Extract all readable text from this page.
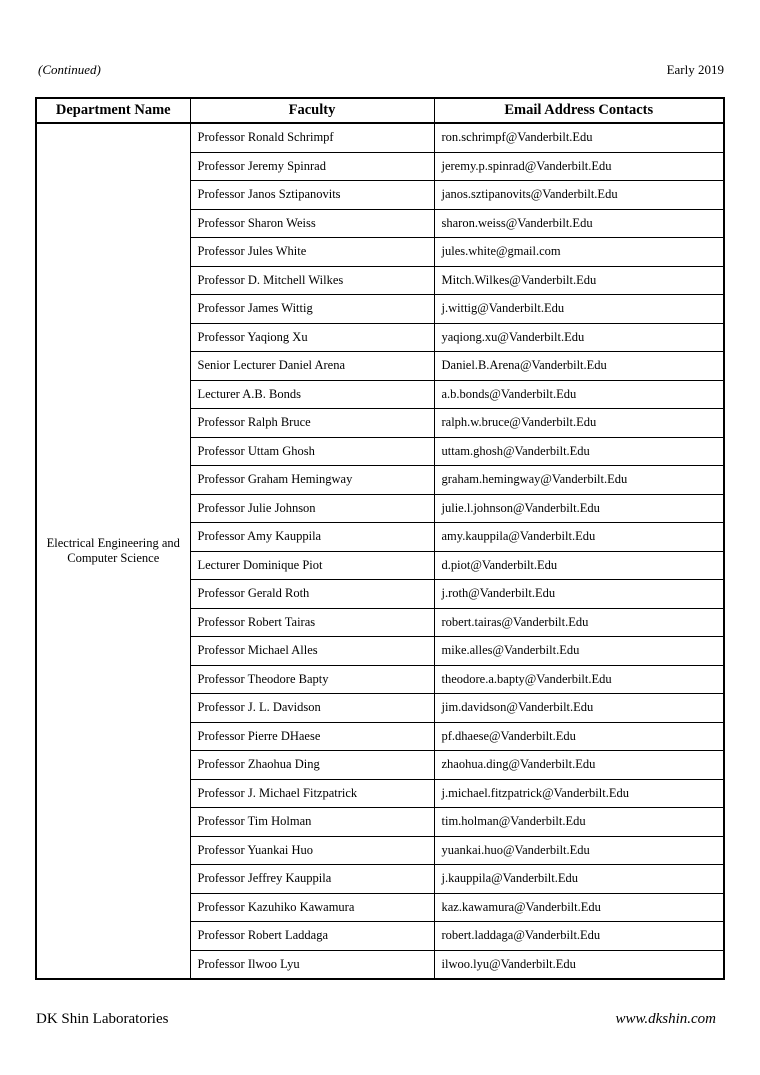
(Continued)	Early 2019
Department Name	Faculty	Email Address Contacts
Electrical Engineering and Computer Science	Professor Ronald Schrimpf	ron.schrimpf@Vanderbilt.Edu
	Professor Jeremy Spinrad	jeremy.p.spinrad@Vanderbilt.Edu
	Professor Janos Sztipanovits	janos.sztipanovits@Vanderbilt.Edu
	Professor Sharon Weiss	sharon.weiss@Vanderbilt.Edu
	Professor Jules White	jules.white@gmail.com
	Professor D. Mitchell Wilkes	Mitch.Wilkes@Vanderbilt.Edu
	Professor James Wittig	j.wittig@Vanderbilt.Edu
	Professor Yaqiong Xu	yaqiong.xu@Vanderbilt.Edu
	Senior Lecturer Daniel Arena	Daniel.B.Arena@Vanderbilt.Edu
	Lecturer A.B. Bonds	a.b.bonds@Vanderbilt.Edu
	Professor Ralph Bruce	ralph.w.bruce@Vanderbilt.Edu
	Professor Uttam Ghosh	uttam.ghosh@Vanderbilt.Edu
	Professor Graham Hemingway	graham.hemingway@Vanderbilt.Edu
	Professor Julie Johnson	julie.l.johnson@Vanderbilt.Edu
	Professor Amy Kauppila	amy.kauppila@Vanderbilt.Edu
	Lecturer Dominique Piot	d.piot@Vanderbilt.Edu
	Professor Gerald Roth	j.roth@Vanderbilt.Edu
	Professor Robert Tairas	robert.tairas@Vanderbilt.Edu
	Professor Michael Alles	mike.alles@Vanderbilt.Edu
	Professor Theodore Bapty	theodore.a.bapty@Vanderbilt.Edu
	Professor J. L. Davidson	jim.davidson@Vanderbilt.Edu
	Professor Pierre DHaese	pf.dhaese@Vanderbilt.Edu
	Professor Zhaohua Ding	zhaohua.ding@Vanderbilt.Edu
	Professor J. Michael Fitzpatrick	j.michael.fitzpatrick@Vanderbilt.Edu
	Professor Tim Holman	tim.holman@Vanderbilt.Edu
	Professor Yuankai Huo	yuankai.huo@Vanderbilt.Edu
	Professor Jeffrey Kauppila	j.kauppila@Vanderbilt.Edu
	Professor Kazuhiko Kawamura	kaz.kawamura@Vanderbilt.Edu
	Professor Robert Laddaga	robert.laddaga@Vanderbilt.Edu
	Professor Ilwoo Lyu	ilwoo.lyu@Vanderbilt.Edu
DK Shin Laboratories	www.dkshin.com
